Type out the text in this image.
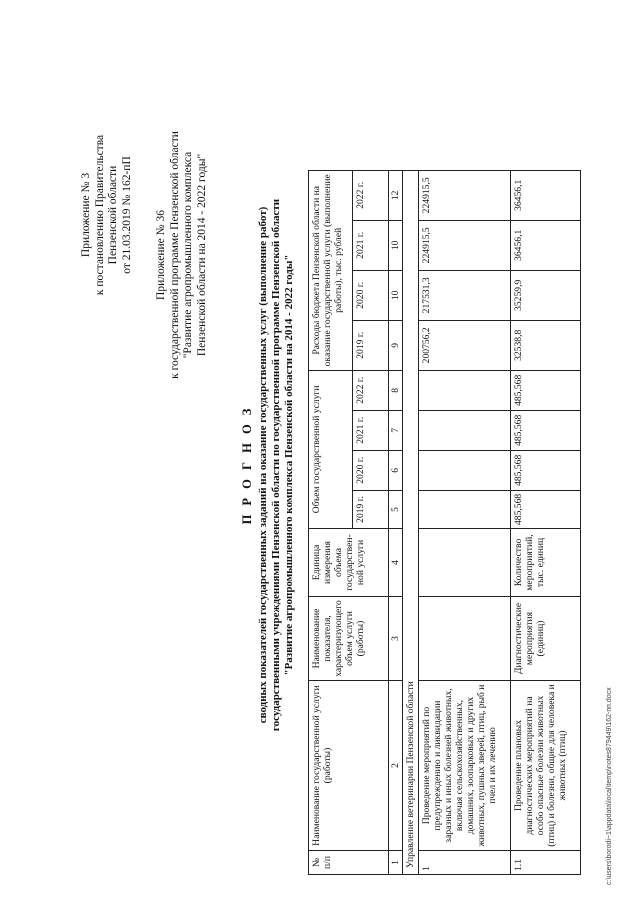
Приложение № 3 к постановлению Правительства Пензенской области от 21.03.2019 № 162-пП Приложение № 36 к государственной программе Пензенской области "Развитие агропромышленного комплекса Пензенской области на 2014 - 2022 годы"
П Р О Г Н О З сводных показателей государственных заданий на оказание государственных услуг (выполнение работ) государственными учреждениями Пензенской области по государственной программе Пензенской области "Развитие агропромышленного комплекса Пензенской области на 2014 - 2022 годы"
№ п/п	Наименование государственной услуги (работы)	Наименование показателя, характеризующего объем услуги (работы)	Единица измерения объема государствен-ной услуги	Объем государственной услуги				Расходы бюджета Пензенской области на оказание государственной услуги (выполнение работы), тыс. рублей			
				2019 г.	2020 г.	2021 г.	2022 г.	2019 г.	2020 г.	2021 г.	2022 г.
1	2	3	4	5	6	7	8	9	10	10	12
Управление ветеринарии Пензенской области											
1	Проведение мероприятий по предупреждению и ликвидации заразных и иных болезней животных, включая сельскохозяйственных, домашних, зоопарковых и других животных, пушных зверей, птиц, рыб и пчел и их лечению							200756,2	217531,3	224915,5	224915,5
1.1	Проведение плановых диагностических мероприятий на особо опасные болезни животных (птиц) и болезни, общие для человека и животных (птиц)	Диагностические мероприятия (единиц)	Количество мероприятий, тыс. единиц	485,568	485,568	485,568	485,568	32538,8	35259,9	36456,1	36456,1
c:\users\borodi~1\appdata\local\temp\notes879449\162-пп.docx
